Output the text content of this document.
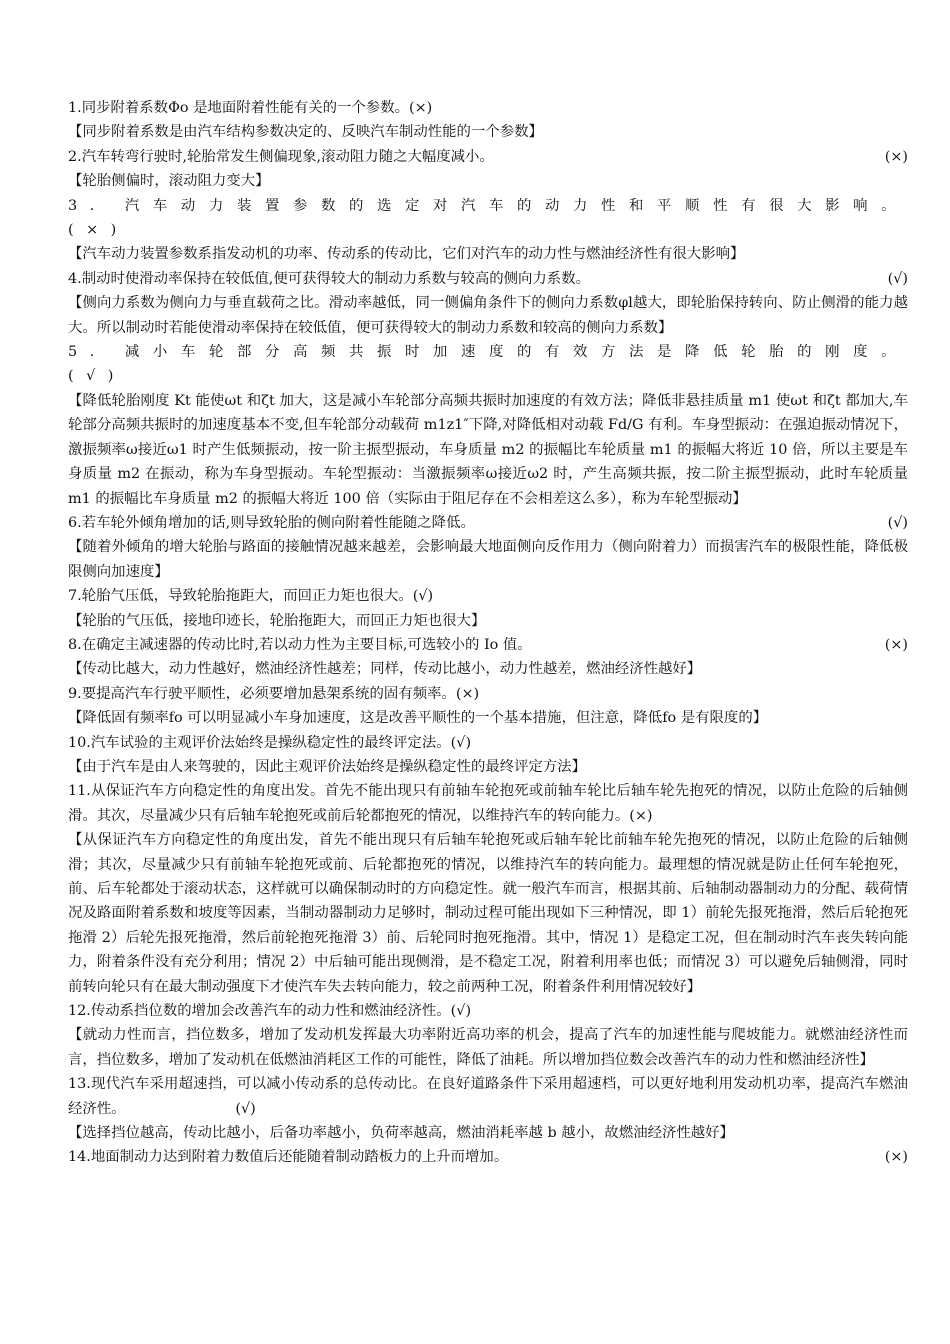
1.同步附着系数Φo 是地面附着性能有关的一个参数。(×)
【同步附着系数是由汽车结构参数决定的、反映汽车制动性能的一个参数】
2.汽车转弯行驶时,轮胎常发生侧偏现象,滚动阻力随之大幅度减小。	(×)
【轮胎侧偏时，滚动阻力变大】
3. 汽车动力装置参数的选定对汽车的动力性和平顺性有很大影响。(×)
【汽车动力装置参数系指发动机的功率、传动系的传动比，它们对汽车的动力性与燃油经济性有很大影响】
4.制动时使滑动率保持在较低值,便可获得较大的制动力系数与较高的侧向力系数。	(√)
【侧向力系数为侧向力与垂直载荷之比。滑动率越低，同一侧偏角条件下的侧向力系数φl越大，即轮胎保持转向、防止侧滑的能力越大。所以制动时若能使滑动率保持在较低值，便可获得较大的制动力系数和较高的侧向力系数】
5. 减小车轮部分高频共振时加速度的有效方法是降低轮胎的刚度。(√)
【降低轮胎刚度 Kt 能使ωt 和ζt 加大，这是减小车轮部分高频共振时加速度的有效方法；降低非悬挂质量 m1 使ωt 和ζt 都加大,车轮部分高频共振时的加速度基本不变,但车轮部分动载荷 m1z1″下降,对降低相对动载 Fd/G 有利。车身型振动：在强迫振动情况下，激振频率ω接近ω1 时产生低频振动，按一阶主振型振动，车身质量 m2 的振幅比车轮质量 m1 的振幅大将近 10 倍，所以主要是车身质量 m2 在振动，称为车身型振动。车轮型振动：当激振频率ω接近ω2 时，产生高频共振，按二阶主振型振动，此时车轮质量 m1 的振幅比车身质量 m2 的振幅大将近 100 倍（实际由于阻尼存在不会相差这么多），称为车轮型振动】
6.若车轮外倾角增加的话,则导致轮胎的侧向附着性能随之降低。	(√)
【随着外倾角的增大轮胎与路面的接触情况越来越差，会影响最大地面侧向反作用力（侧向附着力）而损害汽车的极限性能，降低极限侧向加速度】
7.轮胎气压低，导致轮胎拖距大，而回正力矩也很大。(√)
【轮胎的气压低，接地印迹长，轮胎拖距大，而回正力矩也很大】
8.在确定主减速器的传动比时,若以动力性为主要目标,可选较小的 Io 值。	(×)
【传动比越大，动力性越好，燃油经济性越差；同样，传动比越小，动力性越差，燃油经济性越好】
9.要提高汽车行驶平顺性，必须要增加悬架系统的固有频率。(×)
【降低固有频率fo 可以明显减小车身加速度，这是改善平顺性的一个基本措施，但注意，降低fo 是有限度的】
10.汽车试验的主观评价法始终是操纵稳定性的最终评定法。(√)
【由于汽车是由人来驾驶的，因此主观评价法始终是操纵稳定性的最终评定方法】
11.从保证汽车方向稳定性的角度出发。首先不能出现只有前轴车轮抱死或前轴车轮比后轴车轮先抱死的情况，以防止危险的后轴侧滑。其次，尽量减少只有后轴车轮抱死或前后轮都抱死的情况，以维持汽车的转向能力。(×)
【从保证汽车方向稳定性的角度出发，首先不能出现只有后轴车轮抱死或后轴车轮比前轴车轮先抱死的情况，以防止危险的后轴侧滑；其次，尽量减少只有前轴车轮抱死或前、后轮都抱死的情况，以维持汽车的转向能力。最理想的情况就是防止任何车轮抱死，前、后车轮都处于滚动状态，这样就可以确保制动时的方向稳定性。就一般汽车而言，根据其前、后轴制动器制动力的分配、载荷情况及路面附着系数和坡度等因素，当制动器制动力足够时，制动过程可能出现如下三种情况，即 1）前轮先报死拖滑，然后后轮抱死拖滑 2）后轮先报死拖滑，然后前轮抱死拖滑 3）前、后轮同时抱死拖滑。其中，情况 1）是稳定工况，但在制动时汽车丧失转向能力，附着条件没有充分利用；情况 2）中后轴可能出现侧滑，是不稳定工况，附着利用率也低；而情况 3）可以避免后轴侧滑，同时前转向轮只有在最大制动强度下才使汽车失去转向能力，较之前两种工况，附着条件利用情况较好】
12.传动系挡位数的增加会改善汽车的动力性和燃油经济性。(√)
【就动力性而言，挡位数多，增加了发动机发挥最大功率附近高功率的机会，提高了汽车的加速性能与爬坡能力。就燃油经济性而言，挡位数多，增加了发动机在低燃油消耗区工作的可能性，降低了油耗。所以增加挡位数会改善汽车的动力性和燃油经济性】
13.现代汽车采用超速挡，可以减小传动系的总传动比。在良好道路条件下采用超速档，可以更好地利用发动机功率，提高汽车燃油经济性。                        (√)
【选择挡位越高，传动比越小，后备功率越小，负荷率越高，燃油消耗率越 b 越小，故燃油经济性越好】
14.地面制动力达到附着力数值后还能随着制动踏板力的上升而增加。	(×)
